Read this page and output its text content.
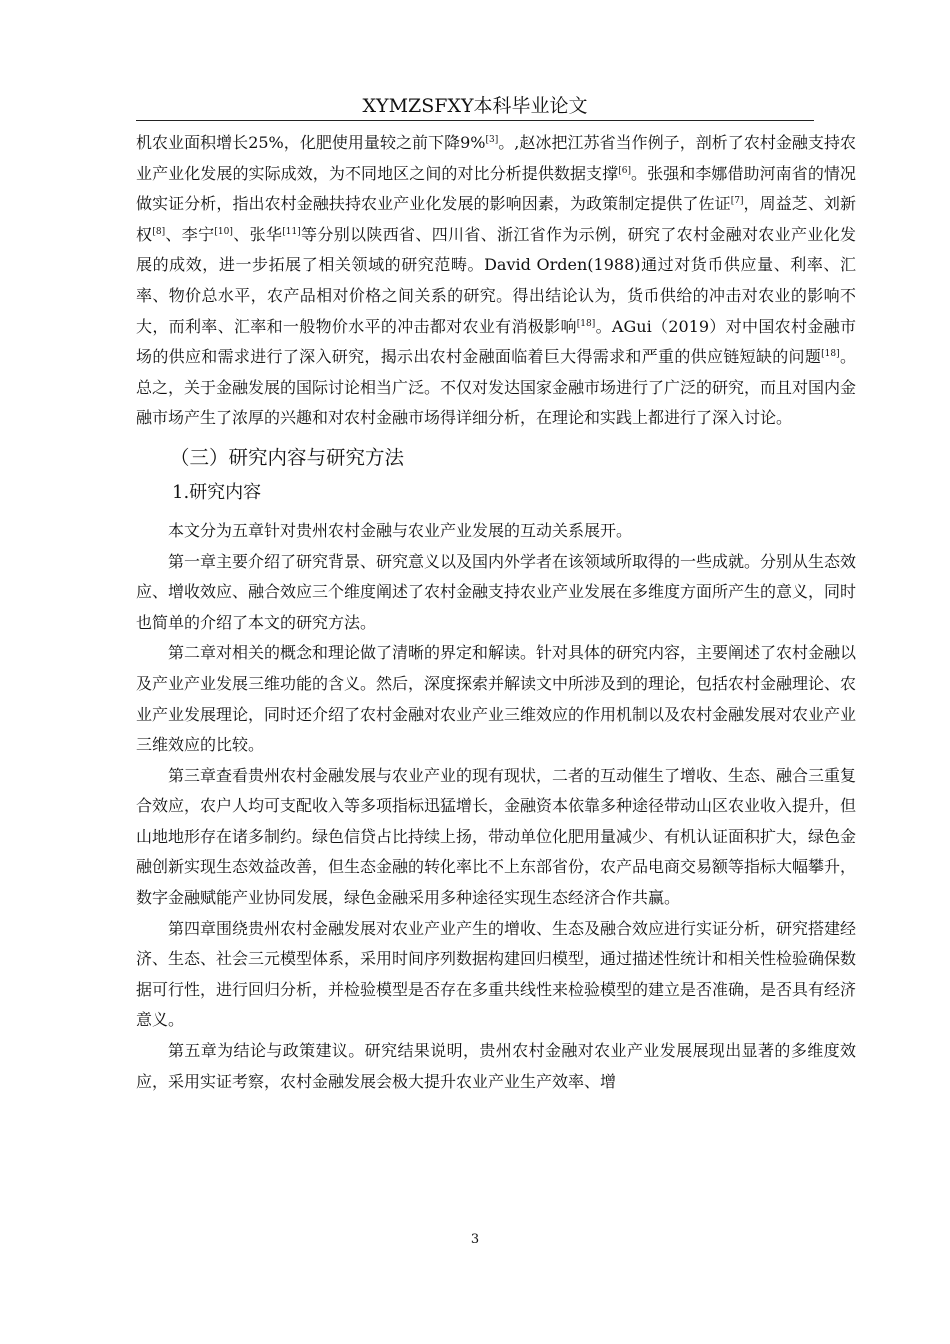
XYMZSFXY本科毕业论文

机农业面积增长25%，化肥使用量较之前下降9%[3]。,赵冰把江苏省当作例子，剖析了农村金融支持农业产业化发展的实际成效，为不同地区之间的对比分析提供数据支撑[6]。张强和李娜借助河南省的情况做实证分析，指出农村金融扶持农业产业化发展的影响因素，为政策制定提供了佐证[7]，周益芝、刘新权[8]、李宁[10]、张华[11]等分别以陕西省、四川省、浙江省作为示例，研究了农村金融对农业产业化发展的成效，进一步拓展了相关领域的研究范畴。David Orden(1988)通过对货币供应量、利率、汇率、物价总水平，农产品相对价格之间关系的研究。得出结论认为，货币供给的冲击对农业的影响不大，而利率、汇率和一般物价水平的冲击都对农业有消极影响[18]。AGui（2019）对中国农村金融市场的供应和需求进行了深入研究，揭示出农村金融面临着巨大得需求和严重的供应链短缺的问题[18]。总之，关于金融发展的国际讨论相当广泛。不仅对发达国家金融市场进行了广泛的研究，而且对国内金融市场产生了浓厚的兴趣和对农村金融市场得详细分析，在理论和实践上都进行了深入讨论。

（三）研究内容与研究方法
1.研究内容

本文分为五章针对贵州农村金融与农业产业发展的互动关系展开。

第一章主要介绍了研究背景、研究意义以及国内外学者在该领域所取得的一些成就。分别从生态效应、增收效应、融合效应三个维度阐述了农村金融支持农业产业发展在多维度方面所产生的意义，同时也简单的介绍了本文的研究方法。

第二章对相关的概念和理论做了清晰的界定和解读。针对具体的研究内容，主要阐述了农村金融以及产业产业发展三维功能的含义。然后，深度探索并解读文中所涉及到的理论，包括农村金融理论、农业产业发展理论，同时还介绍了农村金融对农业产业三维效应的作用机制以及农村金融发展对农业产业三维效应的比较。

第三章查看贵州农村金融发展与农业产业的现有现状，二者的互动催生了增收、生态、融合三重复合效应，农户人均可支配收入等多项指标迅猛增长，金融资本依靠多种途径带动山区农业收入提升，但山地地形存在诸多制约。绿色信贷占比持续上扬，带动单位化肥用量减少、有机认证面积扩大，绿色金融创新实现生态效益改善，但生态金融的转化率比不上东部省份，农产品电商交易额等指标大幅攀升，数字金融赋能产业协同发展，绿色金融采用多种途径实现生态经济合作共赢。

第四章围绕贵州农村金融发展对农业产业产生的增收、生态及融合效应进行实证分析，研究搭建经济、生态、社会三元模型体系，采用时间序列数据构建回归模型，通过描述性统计和相关性检验确保数据可行性，进行回归分析，并检验模型是否存在多重共线性来检验模型的建立是否准确，是否具有经济意义。

第五章为结论与政策建议。研究结果说明，贵州农村金融对农业产业发展展现出显著的多维度效应，采用实证考察，农村金融发展会极大提升农业产业生产效率、增

3
